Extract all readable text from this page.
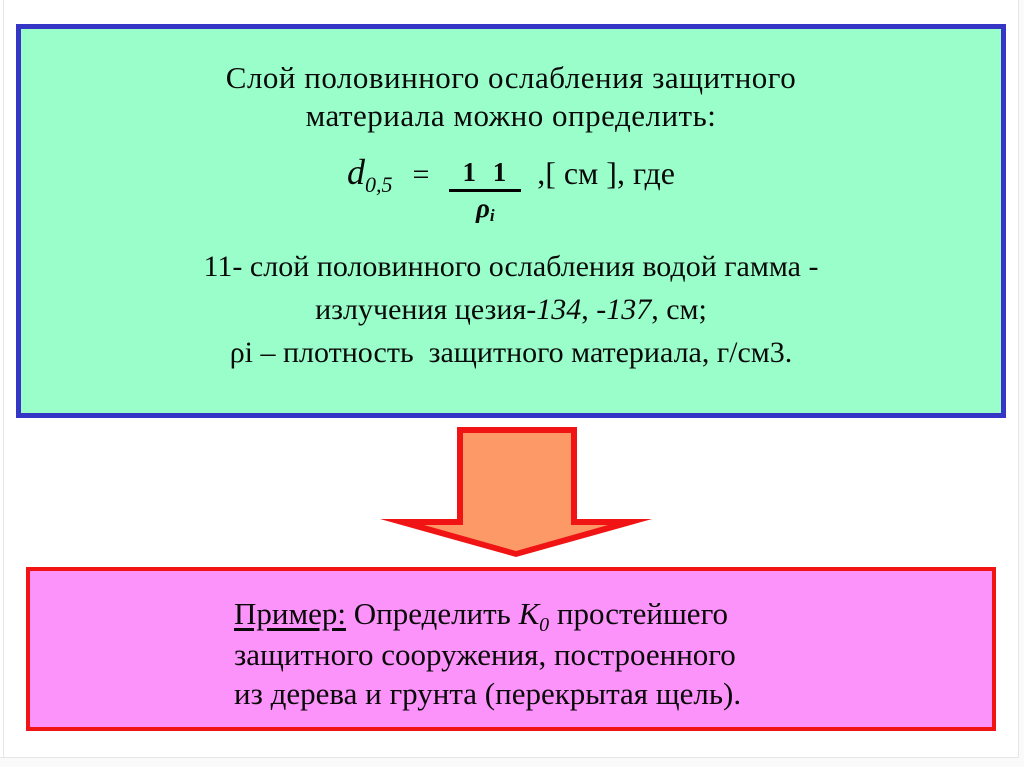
Слой половинного ослабления защитного
материала можно определить:
$d_{0,5} = \frac{1 1}{\rho_i}$ ,[ см ], где
11- слой половинного ослабления водой гамма -
излучения цезия-134, -137, см;
ρi – плотность  защитного материала, г/см3.
Пример: Определить $К_0$ простейшего
защитного сооружения, построенного
из дерева и грунта (перекрытая щель).
